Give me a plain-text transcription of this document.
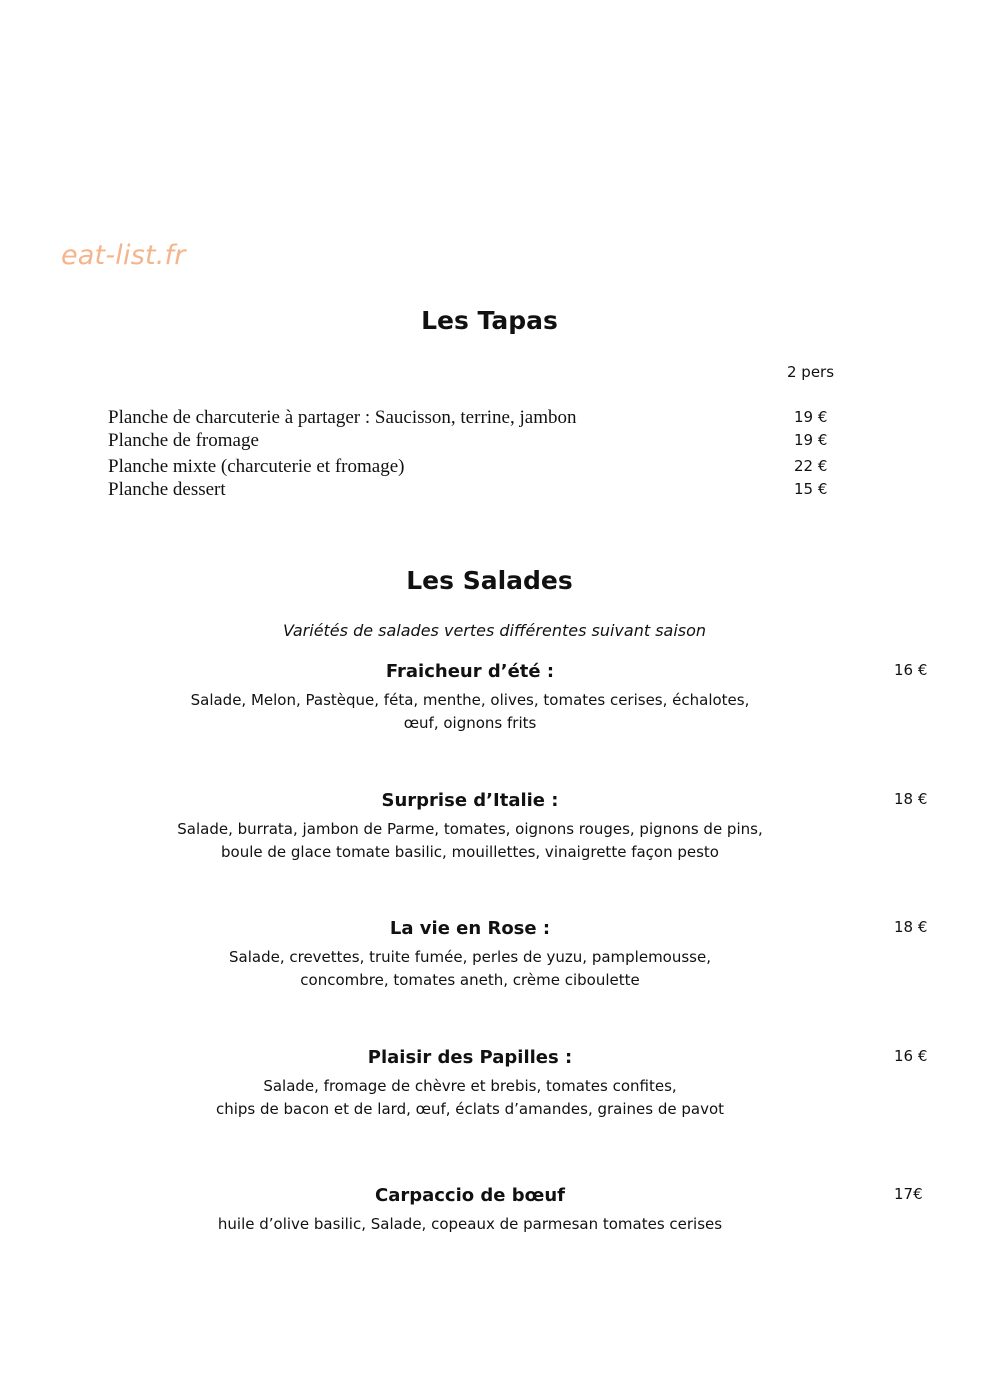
eat-list.fr
Les Tapas
2 pers
Planche de charcuterie à partager : Saucisson, terrine, jambon	19 €
Planche de fromage	19 €
Planche mixte (charcuterie et fromage)	22 €
Planche dessert	15 €
Les Salades
Variétés de salades vertes différentes suivant saison
Fraicheur d’été :	16 €
Salade, Melon, Pastèque, féta, menthe, olives, tomates cerises, échalotes,
œuf, oignons frits
Surprise d’Italie :	18 €
Salade, burrata, jambon de Parme, tomates, oignons rouges, pignons de pins,
boule de glace tomate basilic, mouillettes, vinaigrette façon pesto
La vie en Rose :	18 €
Salade, crevettes, truite fumée, perles de yuzu, pamplemousse,
concombre, tomates aneth, crème ciboulette
Plaisir des Papilles :	16 €
Salade, fromage de chèvre et brebis, tomates confites,
chips de bacon et de lard, œuf, éclats d’amandes, graines de pavot
Carpaccio de bœuf	17€
huile d’olive basilic, Salade, copeaux de parmesan tomates cerises
